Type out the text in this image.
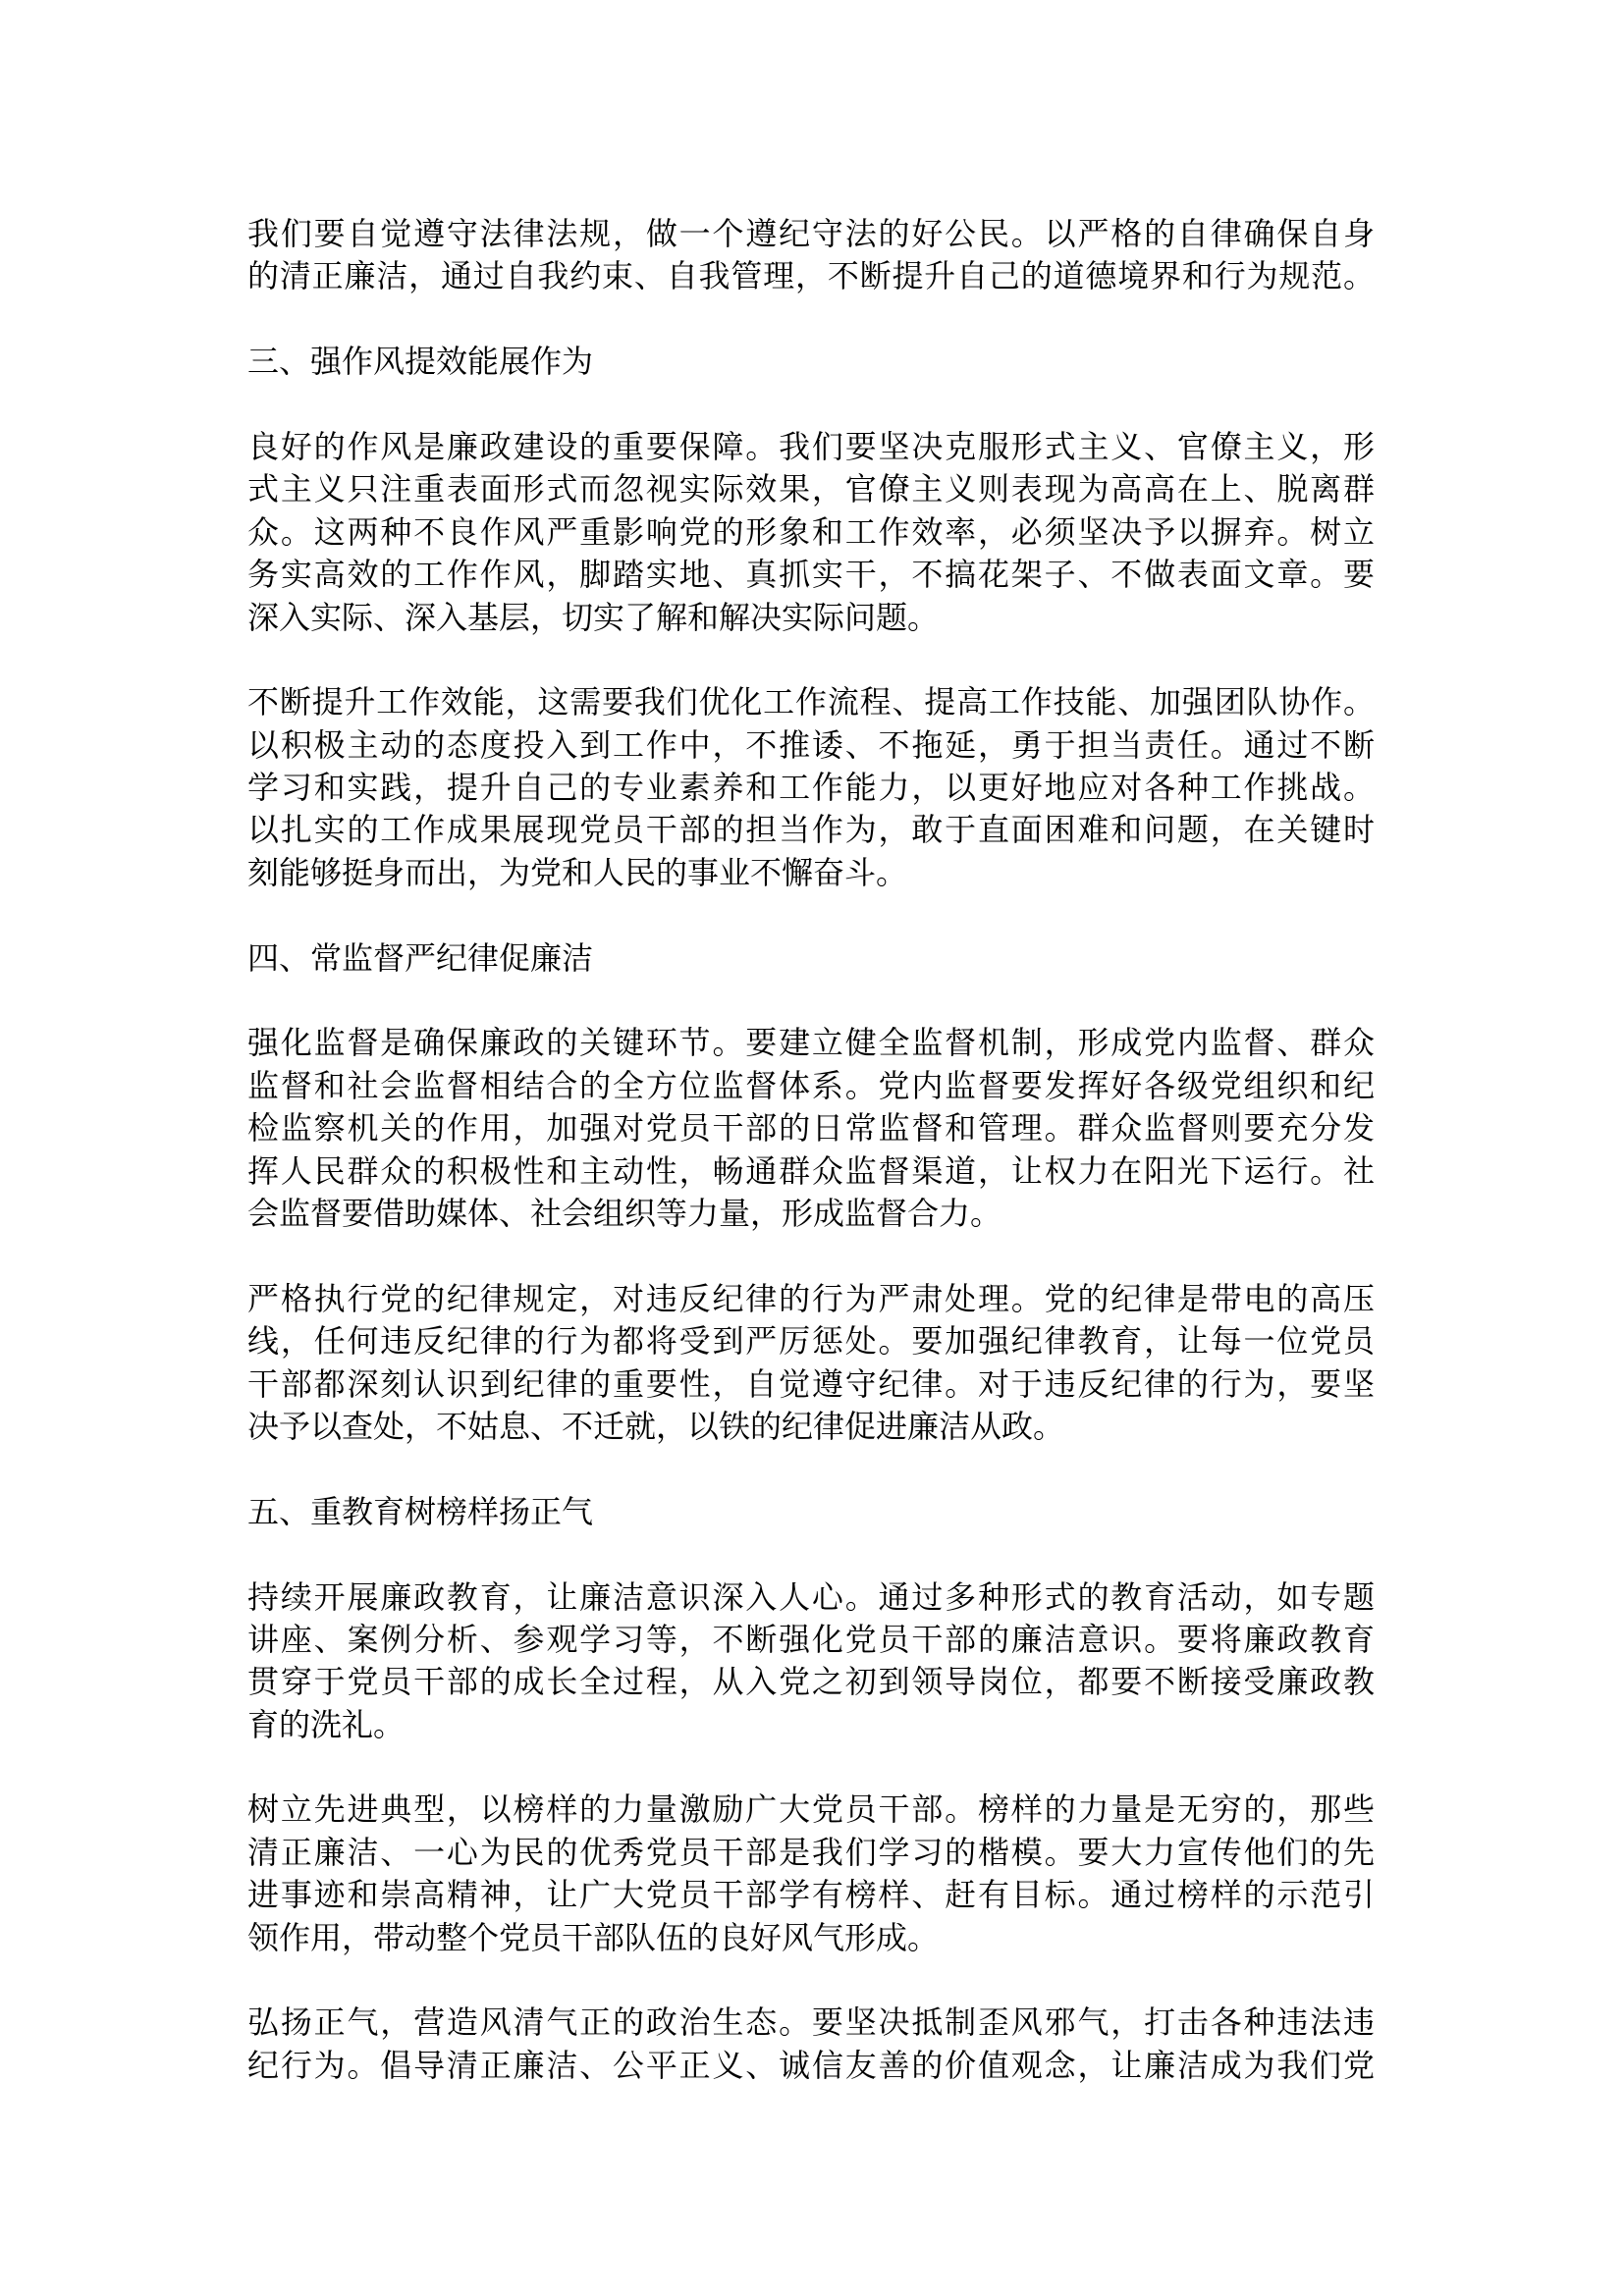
我们要自觉遵守法律法规，做一个遵纪守法的好公民。以严格的自律确保自身
的清正廉洁，通过自我约束、自我管理，不断提升自己的道德境界和行为规范。
三、强作风提效能展作为
良好的作风是廉政建设的重要保障。我们要坚决克服形式主义、官僚主义，形
式主义只注重表面形式而忽视实际效果，官僚主义则表现为高高在上、脱离群
众。这两种不良作风严重影响党的形象和工作效率，必须坚决予以摒弃。树立
务实高效的工作作风，脚踏实地、真抓实干，不搞花架子、不做表面文章。要
深入实际、深入基层，切实了解和解决实际问题。
不断提升工作效能，这需要我们优化工作流程、提高工作技能、加强团队协作。
以积极主动的态度投入到工作中，不推诿、不拖延，勇于担当责任。通过不断
学习和实践，提升自己的专业素养和工作能力，以更好地应对各种工作挑战。
以扎实的工作成果展现党员干部的担当作为，敢于直面困难和问题，在关键时
刻能够挺身而出，为党和人民的事业不懈奋斗。
四、常监督严纪律促廉洁
强化监督是确保廉政的关键环节。要建立健全监督机制，形成党内监督、群众
监督和社会监督相结合的全方位监督体系。党内监督要发挥好各级党组织和纪
检监察机关的作用，加强对党员干部的日常监督和管理。群众监督则要充分发
挥人民群众的积极性和主动性，畅通群众监督渠道，让权力在阳光下运行。社
会监督要借助媒体、社会组织等力量，形成监督合力。
严格执行党的纪律规定，对违反纪律的行为严肃处理。党的纪律是带电的高压
线，任何违反纪律的行为都将受到严厉惩处。要加强纪律教育，让每一位党员
干部都深刻认识到纪律的重要性，自觉遵守纪律。对于违反纪律的行为，要坚
决予以查处，不姑息、不迁就，以铁的纪律促进廉洁从政。
五、重教育树榜样扬正气
持续开展廉政教育，让廉洁意识深入人心。通过多种形式的教育活动，如专题
讲座、案例分析、参观学习等，不断强化党员干部的廉洁意识。要将廉政教育
贯穿于党员干部的成长全过程，从入党之初到领导岗位，都要不断接受廉政教
育的洗礼。
树立先进典型，以榜样的力量激励广大党员干部。榜样的力量是无穷的，那些
清正廉洁、一心为民的优秀党员干部是我们学习的楷模。要大力宣传他们的先
进事迹和崇高精神，让广大党员干部学有榜样、赶有目标。通过榜样的示范引
领作用，带动整个党员干部队伍的良好风气形成。
弘扬正气，营造风清气正的政治生态。要坚决抵制歪风邪气，打击各种违法违
纪行为。倡导清正廉洁、公平正义、诚信友善的价值观念，让廉洁成为我们党
